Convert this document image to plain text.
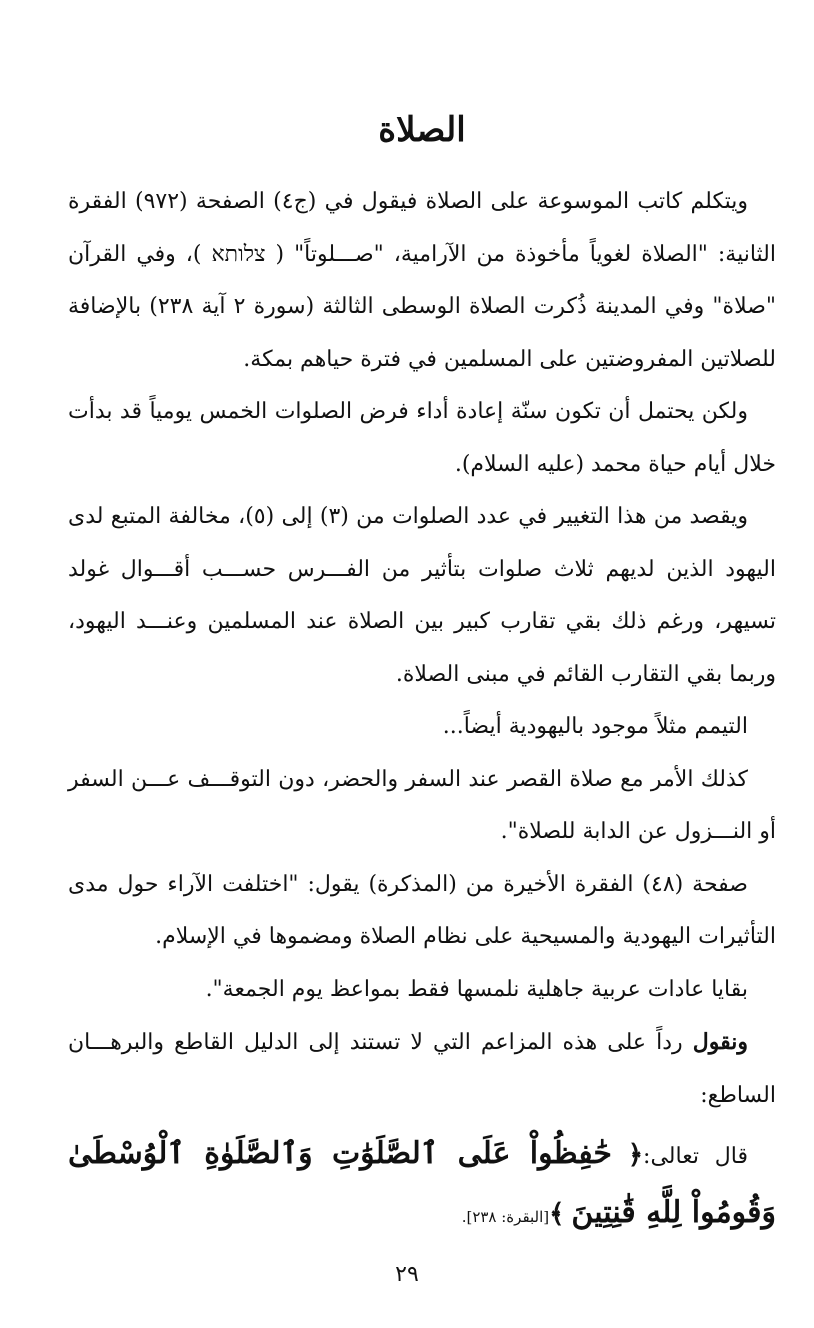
الصلاة

ويتكلم كاتب الموسوعة على الصلاة فيقول في (ج٤) الصفحة (٩٧٢) الفقرة الثانية: "الصلاة لغوياً مأخوذة من الآرامية، "صـــلوتاً" ( צלותא )، وفي القرآن "صلاة" وفي المدينة ذُكرت الصلاة الوسطى الثالثة (سورة ٢ آية ٢٣٨) بالإضافة للصلاتين المفروضتين على المسلمين في فترة حياهم بمكة.

ولكن يحتمل أن تكون سنّة إعادة أداء فرض الصلوات الخمس يومياً قد بدأت خلال أيام حياة محمد (عليه السلام).

ويقصد من هذا التغيير في عدد الصلوات من (٣) إلى (٥)، مخالفة المتبع لدى اليهود الذين لديهم ثلاث صلوات بتأثير من الفـــرس حســـب أقـــوال غولد تسيهر، ورغم ذلك بقي تقارب كبير بين الصلاة عند المسلمين وعنـــد اليهود، وربما بقي التقارب القائم في مبنى الصلاة.

التيمم مثلاً موجود باليهودية أيضاً...

كذلك الأمر مع صلاة القصر عند السفر والحضر، دون التوقـــف عـــن السفر أو النـــزول عن الدابة للصلاة".

صفحة (٤٨) الفقرة الأخيرة من (المذكرة) يقول: "اختلفت الآراء حول مدى التأثيرات اليهودية والمسيحية على نظام الصلاة ومضموها في الإسلام.

بقايا عادات عربية جاهلية نلمسها فقط بمواعظ يوم الجمعة".

ونقول رداً على هذه المزاعم التي لا تستند إلى الدليل القاطع والبرهـــان الساطع:

قال تعالى:﴿ حَٰفِظُواْ عَلَى ٱلصَّلَوَٰتِ وَٱلصَّلَوٰةِ ٱلْوُسْطَىٰ وَقُومُواْ لِلَّهِ قَٰنِتِينَ ﴾[البقرة: ٢٣٨].

٢٩
